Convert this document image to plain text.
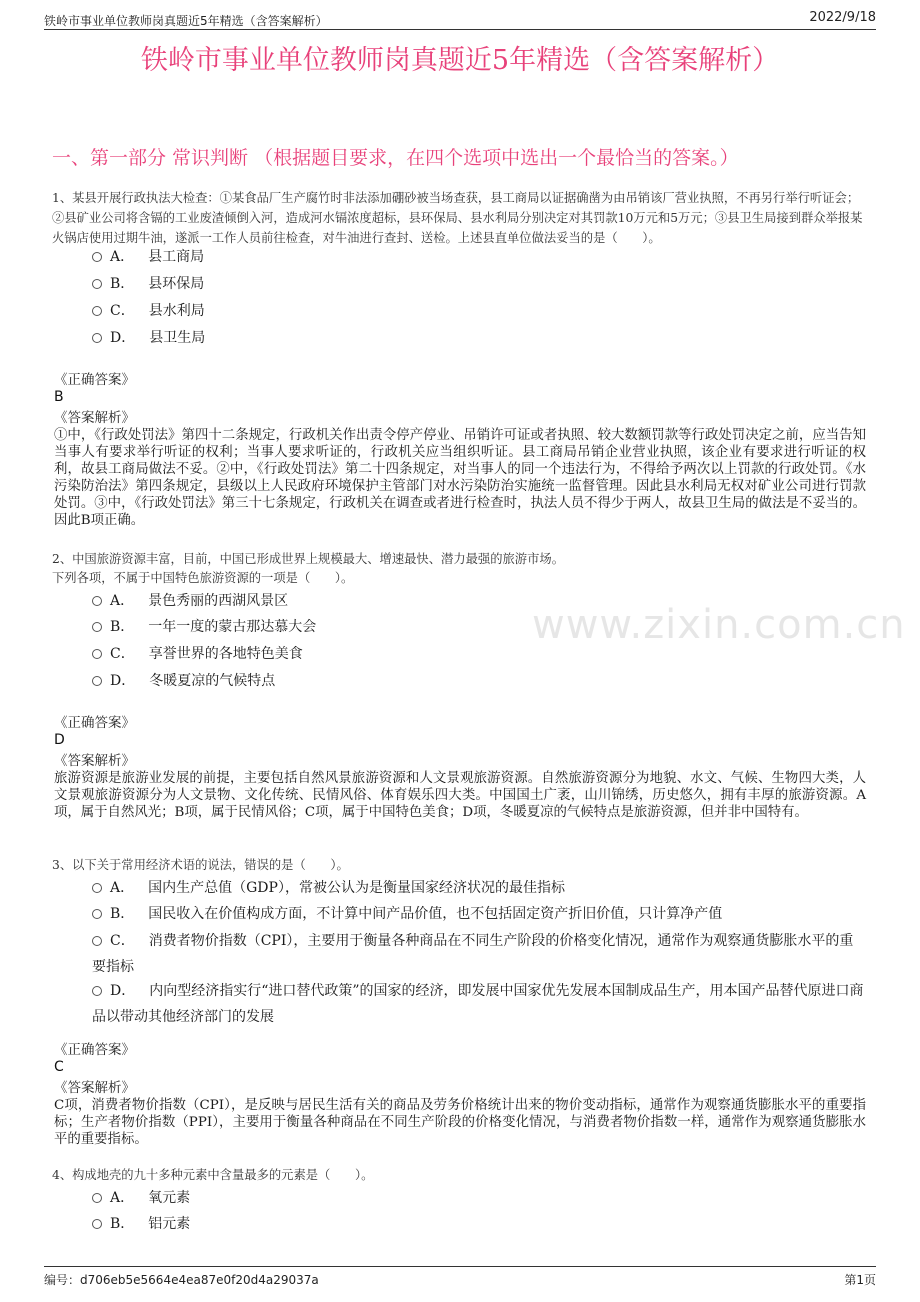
铁岭市事业单位教师岗真题近5年精选（含答案解析）	2022/9/18
铁岭市事业单位教师岗真题近5年精选（含答案解析）
一、第一部分 常识判断 （根据题目要求，在四个选项中选出一个最恰当的答案。）
www.zixin.com.cn
1、某县开展行政执法大检查：①某食品厂生产腐竹时非法添加硼砂被当场查获，县工商局以证据确凿为由吊销该厂营业执照，不再另行举行听证会；②县矿业公司将含镉的工业废渣倾倒入河，造成河水镉浓度超标，县环保局、县水利局分别决定对其罚款10万元和5万元；③县卫生局接到群众举报某火锅店使用过期牛油，遂派一工作人员前往检查，对牛油进行查封、送检。上述县直单位做法妥当的是（　　）。
A． 县工商局
B． 县环保局
C． 县水利局
D． 县卫生局
《正确答案》
B
《答案解析》
①中，《行政处罚法》第四十二条规定，行政机关作出责令停产停业、吊销许可证或者执照、较大数额罚款等行政处罚决定之前，应当告知当事人有要求举行听证的权利；当事人要求听证的，行政机关应当组织听证。县工商局吊销企业营业执照，该企业有要求进行听证的权利，故县工商局做法不妥。②中，《行政处罚法》第二十四条规定，对当事人的同一个违法行为，不得给予两次以上罚款的行政处罚。《水污染防治法》第四条规定，县级以上人民政府环境保护主管部门对水污染防治实施统一监督管理。因此县水利局无权对矿业公司进行罚款处罚。③中，《行政处罚法》第三十七条规定，行政机关在调查或者进行检查时，执法人员不得少于两人，故县卫生局的做法是不妥当的。因此B项正确。
2、中国旅游资源丰富，目前，中国已形成世界上规模最大、增速最快、潜力最强的旅游市场。
下列各项，不属于中国特色旅游资源的一项是（　　）。
A． 景色秀丽的西湖风景区
B． 一年一度的蒙古那达慕大会
C． 享誉世界的各地特色美食
D． 冬暖夏凉的气候特点
《正确答案》
D
《答案解析》
旅游资源是旅游业发展的前提，主要包括自然风景旅游资源和人文景观旅游资源。自然旅游资源分为地貌、水文、气候、生物四大类，人文景观旅游资源分为人文景物、文化传统、民情风俗、体育娱乐四大类。中国国土广袤，山川锦绣，历史悠久，拥有丰厚的旅游资源。A项，属于自然风光；B项，属于民情风俗；C项，属于中国特色美食；D项，冬暖夏凉的气候特点是旅游资源，但并非中国特有。
3、以下关于常用经济术语的说法，错误的是（　　）。
A． 国内生产总值（GDP），常被公认为是衡量国家经济状况的最佳指标
B． 国民收入在价值构成方面，不计算中间产品价值，也不包括固定资产折旧价值，只计算净产值
C． 消费者物价指数（CPI），主要用于衡量各种商品在不同生产阶段的价格变化情况，通常作为观察通货膨胀水平的重要指标
D． 内向型经济指实行“进口替代政策”的国家的经济，即发展中国家优先发展本国制成品生产，用本国产品替代原进口商品以带动其他经济部门的发展
《正确答案》
C
《答案解析》
C项，消费者物价指数（CPI），是反映与居民生活有关的商品及劳务价格统计出来的物价变动指标，通常作为观察通货膨胀水平的重要指标；生产者物价指数（PPI），主要用于衡量各种商品在不同生产阶段的价格变化情况，与消费者物价指数一样，通常作为观察通货膨胀水平的重要指标。
4、构成地壳的九十多种元素中含量最多的元素是（　　）。
A． 氧元素
B． 铝元素
编号：d706eb5e5664e4ea87e0f20d4a29037a	第1页
